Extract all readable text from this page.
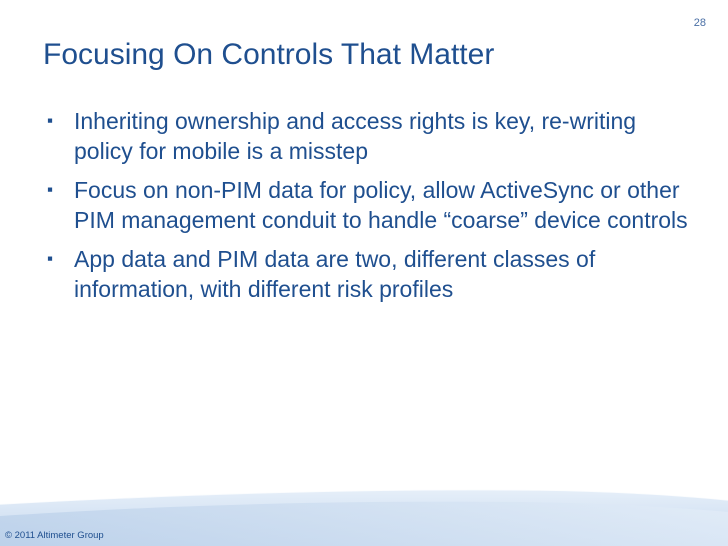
28
Focusing On Controls That Matter
▪ Inheriting ownership and access rights is key, re-writing policy for mobile is a misstep
▪ Focus on non-PIM data for policy, allow ActiveSync or other PIM management conduit to handle “coarse” device controls
▪ App data and PIM data are two, different classes of information, with different risk profiles
© 2011 Altimeter Group
